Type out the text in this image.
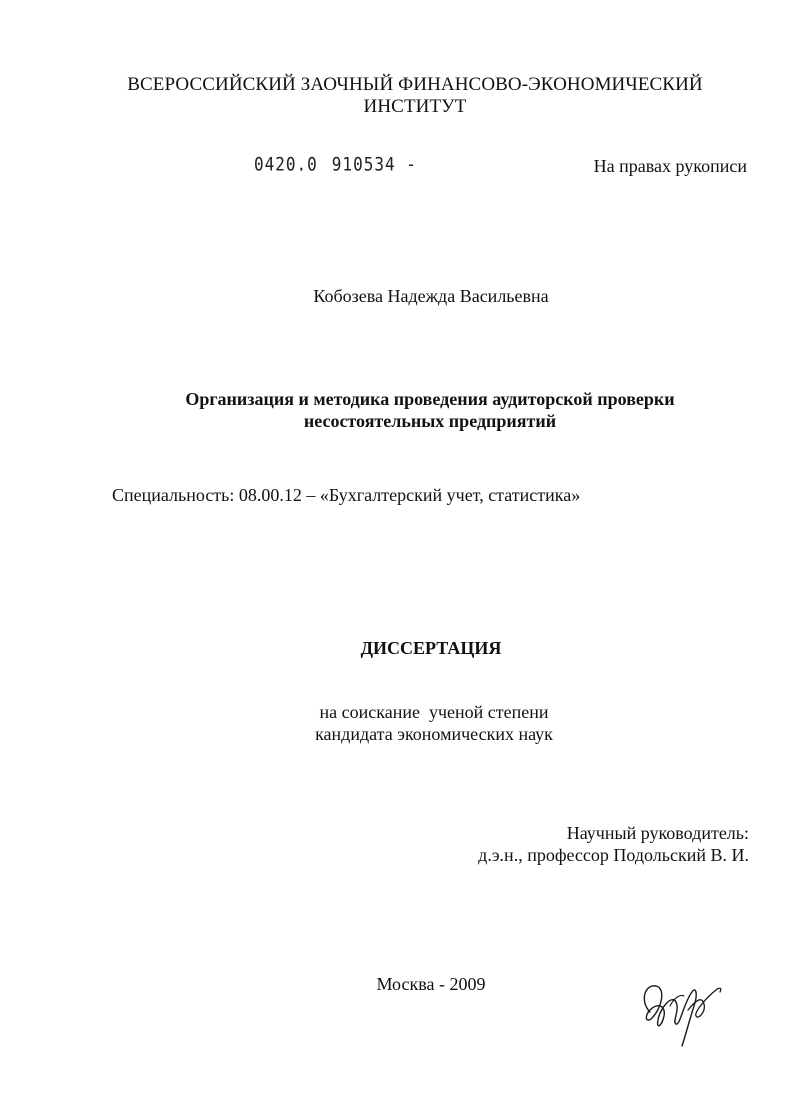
ВСЕРОССИЙСКИЙ ЗАОЧНЫЙ ФИНАНСОВО-ЭКОНОМИЧЕСКИЙ
ИНСТИТУТ
0420.0 910534 -	На правах рукописи
Кобозева Надежда Васильевна
Организация и методика проведения аудиторской проверки
несостоятельных предприятий
Специальность: 08.00.12 – «Бухгалтерский учет, статистика»
ДИССЕРТАЦИЯ
на соискание  ученой степени
кандидата экономических наук
Научный руководитель:
д.э.н., профессор Подольский В. И.
Москва - 2009
